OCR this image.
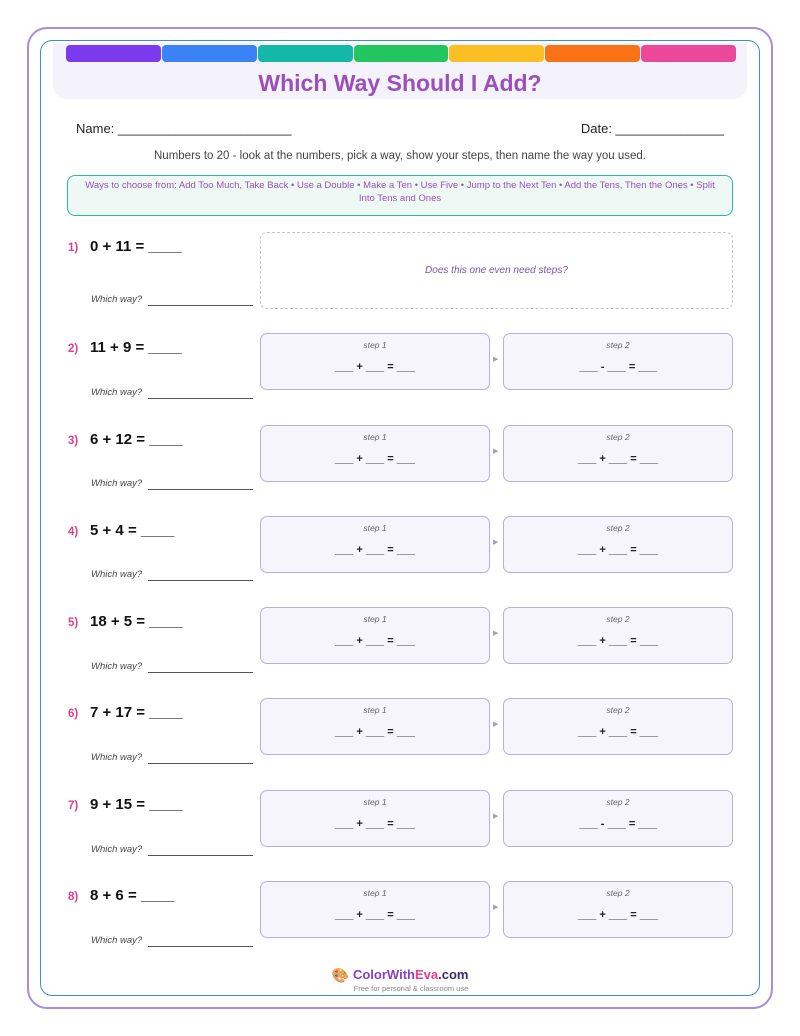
Which Way Should I Add?
Name: ________________________	Date: _______________
Numbers to 20 - look at the numbers, pick a way, show your steps, then name the way you used.
Ways to choose from: Add Too Much, Take Back • Use a Double • Make a Ten • Use Five • Jump to the Next Ten • Add the Tens, Then the Ones • Split Into Tens and Ones
1) 0 + 11 = ____
Which way?
Does this one even need steps?
2) 11 + 9 = ____
Which way?
step 1
___ + ___ = ___
▶
step 2
___ - ___ = ___
3) 6 + 12 = ____
Which way?
step 1
___ + ___ = ___
▶
step 2
___ + ___ = ___
4) 5 + 4 = ____
Which way?
step 1
___ + ___ = ___
▶
step 2
___ + ___ = ___
5) 18 + 5 = ____
Which way?
step 1
___ + ___ = ___
▶
step 2
___ + ___ = ___
6) 7 + 17 = ____
Which way?
step 1
___ + ___ = ___
▶
step 2
___ + ___ = ___
7) 9 + 15 = ____
Which way?
step 1
___ + ___ = ___
▶
step 2
___ - ___ = ___
8) 8 + 6 = ____
Which way?
step 1
___ + ___ = ___
▶
step 2
___ + ___ = ___
🎨 ColorWithEva.com
Free for personal & classroom use
